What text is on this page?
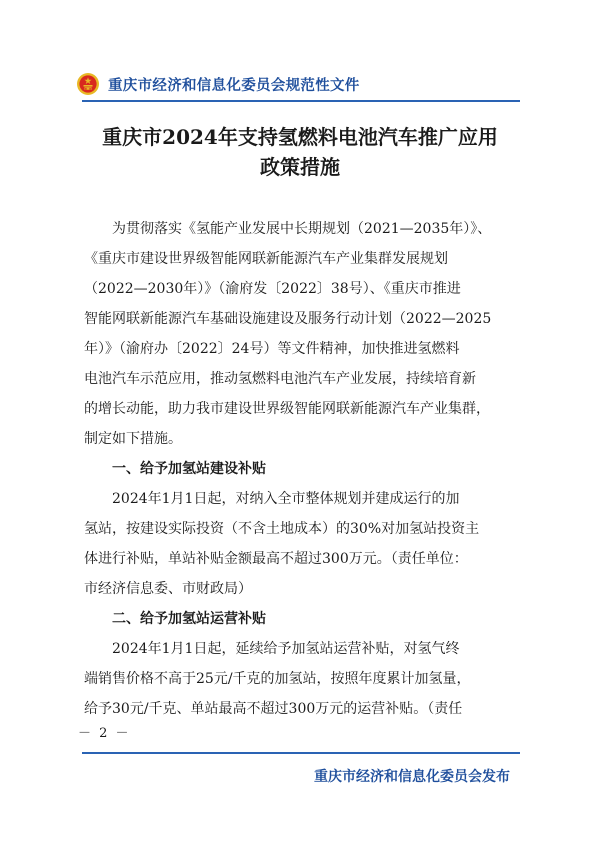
重庆市经济和信息化委员会规范性文件
重庆市2024年支持氢燃料电池汽车推广应用
政策措施

　　为贯彻落实《氢能产业发展中长期规划（2021—2035年）》、

《重庆市建设世界级智能网联新能源汽车产业集群发展规划

（2022—2030年）》（渝府发〔2022〕38号）、《重庆市推进

智能网联新能源汽车基础设施建设及服务行动计划（2022—2025

年）》（渝府办〔2022〕24号）等文件精神，加快推进氢燃料

电池汽车示范应用，推动氢燃料电池汽车产业发展，持续培育新

的增长动能，助力我市建设世界级智能网联新能源汽车产业集群，

制定如下措施。

　　一、给予加氢站建设补贴

　　2024年1月1日起，对纳入全市整体规划并建成运行的加

氢站，按建设实际投资（不含土地成本）的30%对加氢站投资主

体进行补贴，单站补贴金额最高不超过300万元。（责任单位：

市经济信息委、市财政局）

　　二、给予加氢站运营补贴

　　2024年1月1日起，延续给予加氢站运营补贴，对氢气终

端销售价格不高于25元/千克的加氢站，按照年度累计加氢量，

给予30元/千克、单站最高不超过300万元的运营补贴。（责任

－ 2 －
重庆市经济和信息化委员会发布
